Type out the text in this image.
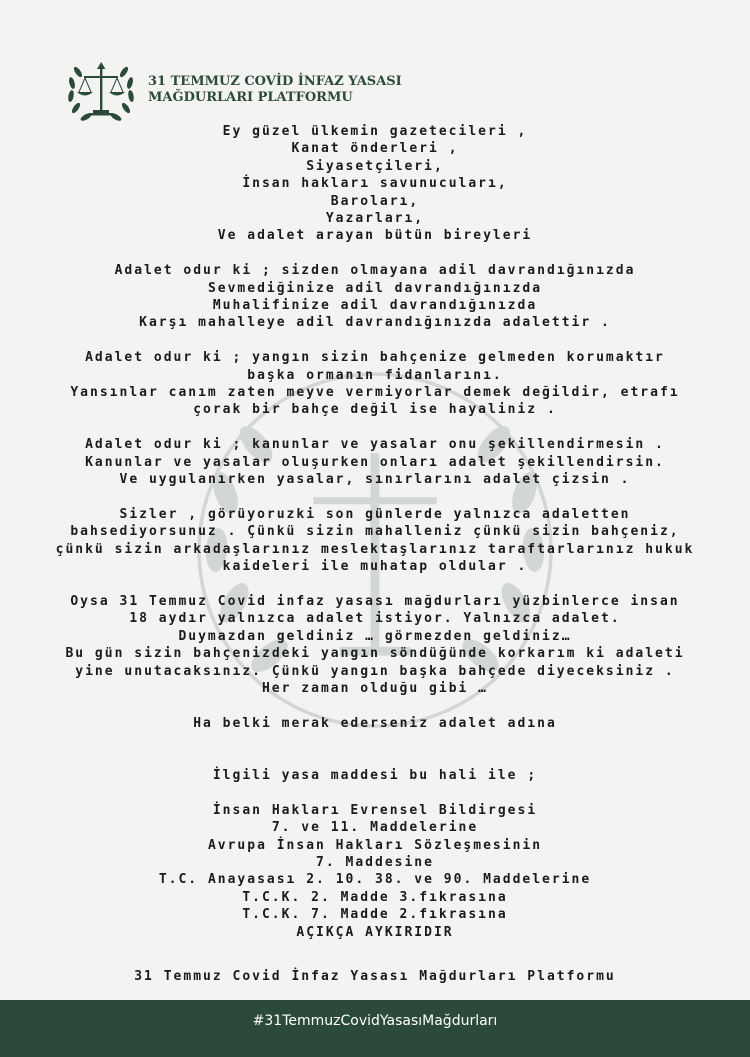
31 TEMMUZ COVİD İNFAZ YASASI
MAĞDURLARI PLATFORMU
Ey güzel ülkemin gazetecileri ,
Kanat önderleri ,
Siyasetçileri,
İnsan hakları savunucuları,
Baroları,
Yazarları,
Ve adalet arayan bütün bireyleri
Adalet odur ki ; sizden olmayana adil davrandığınızda
Sevmediğinize adil davrandığınızda
Muhalifinize adil davrandığınızda
Karşı mahalleye adil davrandığınızda adalettir .
Adalet odur ki ; yangın sizin bahçenize gelmeden korumaktır
başka ormanın fidanlarını.
Yansınlar canım zaten meyve vermiyorlar demek değildir, etrafı
çorak bir bahçe değil ise hayaliniz .
Adalet odur ki ; kanunlar ve yasalar onu şekillendirmesin .
Kanunlar ve yasalar oluşurken onları adalet şekillendirsin.
Ve uygulanırken yasalar, sınırlarını adalet çizsin .
Sizler , görüyoruzki son günlerde yalnızca adaletten
bahsediyorsunuz . Çünkü sizin mahalleniz çünkü sizin bahçeniz,
çünkü sizin arkadaşlarınız meslektaşlarınız taraftarlarınız hukuk
kaideleri ile muhatap oldular .
Oysa 31 Temmuz Covid infaz yasası mağdurları yüzbinlerce insan
18 aydır yalnızca adalet istiyor. Yalnızca adalet.
Duymazdan geldiniz … görmezden geldiniz…
Bu gün sizin bahçenizdeki yangın söndüğünde korkarım ki adaleti
yine unutacaksınız. Çünkü yangın başka bahçede diyeceksiniz .
Her zaman olduğu gibi …
Ha belki merak ederseniz adalet adına

İlgili yasa maddesi bu hali ile ;
İnsan Hakları Evrensel Bildirgesi
7. ve 11. Maddelerine
Avrupa İnsan Hakları Sözleşmesinin
7. Maddesine
T.C. Anayasası 2. 10. 38. ve 90. Maddelerine
T.C.K. 2. Madde 3.fıkrasına
T.C.K. 7. Madde 2.fıkrasına
AÇIKÇA AYKIRIDIR
31 Temmuz Covid İnfaz Yasası Mağdurları Platformu
#31TemmuzCovidYasasıMağdurları
